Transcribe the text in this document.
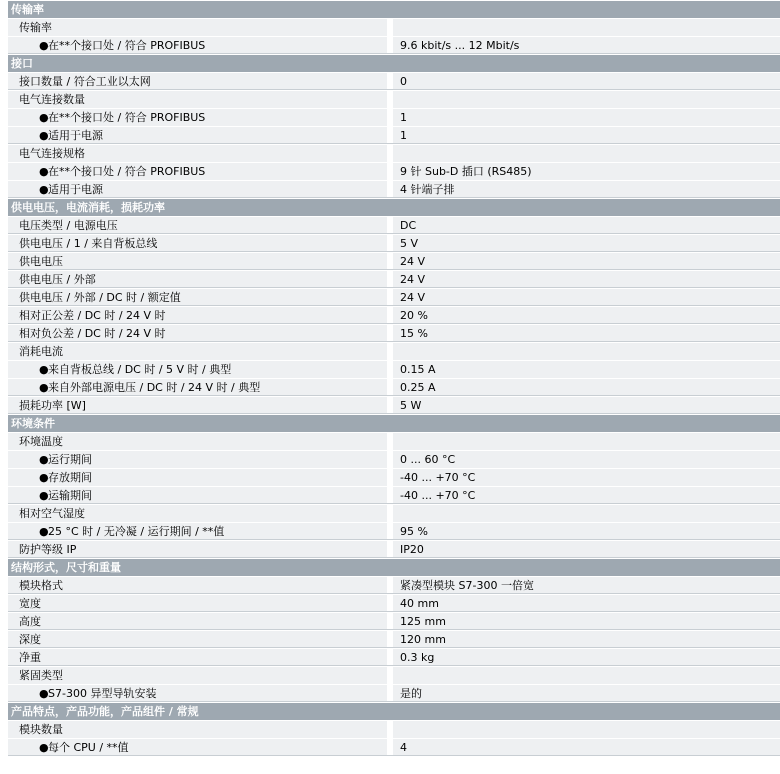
传输率
传输率
●在**个接口处 / 符合 PROFIBUS	9.6 kbit/s ... 12 Mbit/s
接口
接口数量 / 符合工业以太网	0
电气连接数量
●在**个接口处 / 符合 PROFIBUS	1
●适用于电源	1
电气连接规格
●在**个接口处 / 符合 PROFIBUS	9 针 Sub-D 插口 (RS485)
●适用于电源	4 针端子排
供电电压，电流消耗，损耗功率
电压类型 / 电源电压	DC
供电电压 / 1 / 来自背板总线	5 V
供电电压	24 V
供电电压 / 外部	24 V
供电电压 / 外部 / DC 时 / 额定值	24 V
相对正公差 / DC 时 / 24 V 时	20 %
相对负公差 / DC 时 / 24 V 时	15 %
消耗电流
●来自背板总线 / DC 时 / 5 V 时 / 典型	0.15 A
●来自外部电源电压 / DC 时 / 24 V 时 / 典型	0.25 A
损耗功率 [W]	5 W
环境条件
环境温度
●运行期间	0 ... 60 °C
●存放期间	-40 ... +70 °C
●运输期间	-40 ... +70 °C
相对空气湿度
●25 °C 时 / 无冷凝 / 运行期间 / **值	95 %
防护等级 IP	IP20
结构形式，尺寸和重量
模块格式	紧凑型模块 S7-300 一倍宽
宽度	40 mm
高度	125 mm
深度	120 mm
净重	0.3 kg
紧固类型
●S7-300 异型导轨安装	是的
产品特点，产品功能，产品组件 / 常规
模块数量
●每个 CPU / **值	4
